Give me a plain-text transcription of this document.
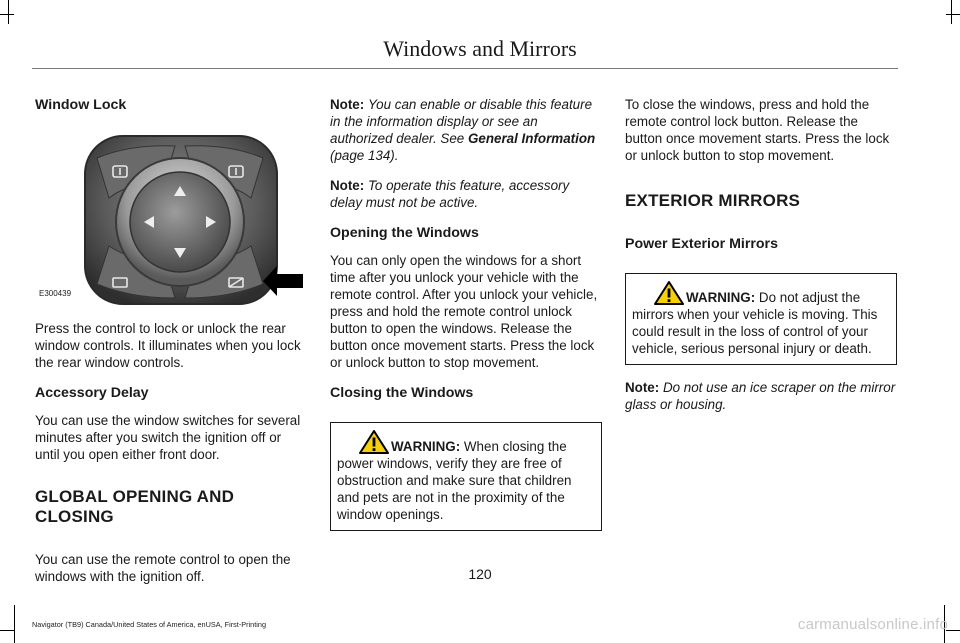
Windows and Mirrors
Window Lock
E300439

Press the control to lock or unlock the rear window controls. It illuminates when you lock the rear window controls.

Accessory Delay

You can use the window switches for several minutes after you switch the ignition off or until you open either front door.

GLOBAL OPENING AND CLOSING

You can use the remote control to open the windows with the ignition off.

Note: You can enable or disable this feature in the information display or see an authorized dealer. See General Information (page 134).

Note: To operate this feature, accessory delay must not be active.

Opening the Windows

You can only open the windows for a short time after you unlock your vehicle with the remote control. After you unlock your vehicle, press and hold the remote control unlock button to open the windows. Release the button once movement starts. Press the lock or unlock button to stop movement.

Closing the Windows
WARNING: When closing the power windows, verify they are free of obstruction and make sure that children and pets are not in the proximity of the window openings.

To close the windows, press and hold the remote control lock button. Release the button once movement starts. Press the lock or unlock button to stop movement.

EXTERIOR MIRRORS
Power Exterior Mirrors
WARNING: Do not adjust the mirrors when your vehicle is moving. This could result in the loss of control of your vehicle, serious personal injury or death.

Note: Do not use an ice scraper on the mirror glass or housing.

120
Navigator (TB9) Canada/United States of America, enUSA, First-Printing	carmanualsonline.info
